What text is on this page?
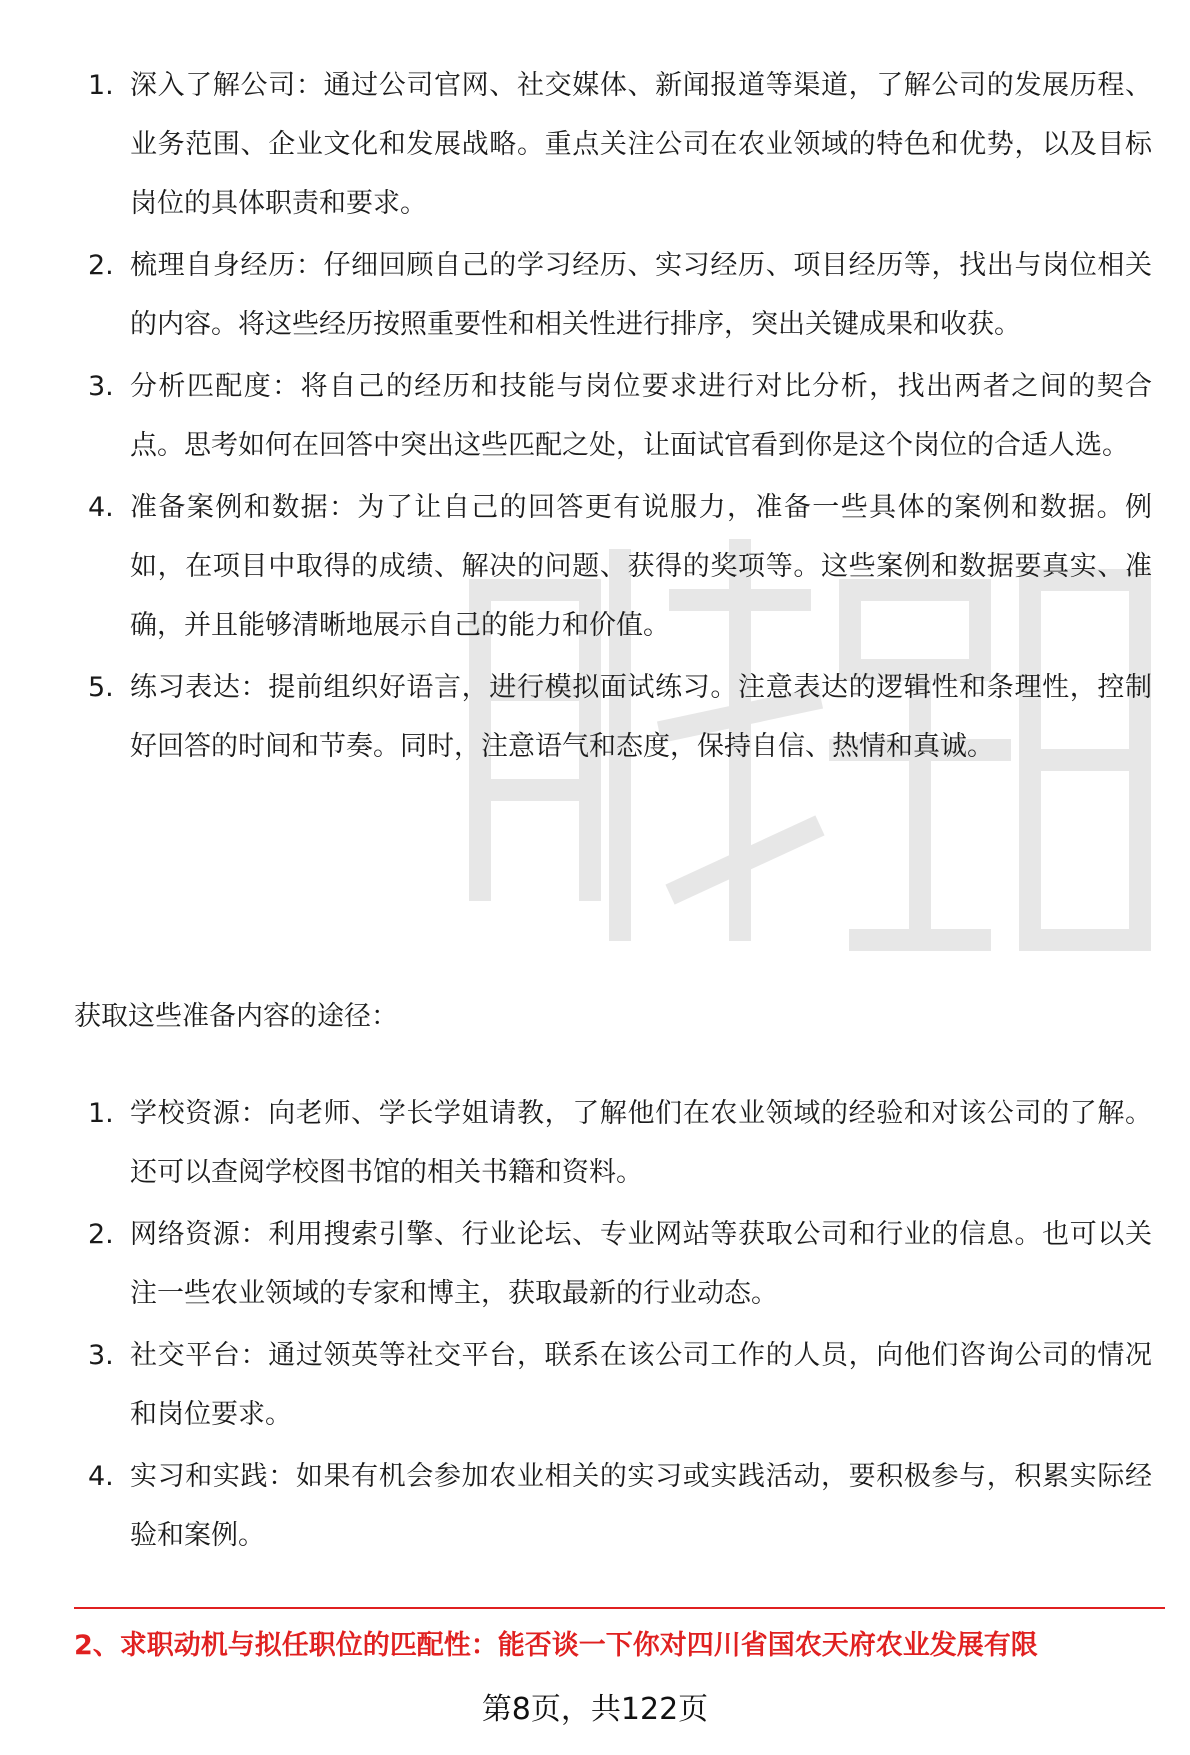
1. 深入了解公司：通过公司官网、社交媒体、新闻报道等渠道，了解公司的发展历程、业务范围、企业文化和发展战略。重点关注公司在农业领域的特色和优势，以及目标岗位的具体职责和要求。
2. 梳理自身经历：仔细回顾自己的学习经历、实习经历、项目经历等，找出与岗位相关的内容。将这些经历按照重要性和相关性进行排序，突出关键成果和收获。
3. 分析匹配度：将自己的经历和技能与岗位要求进行对比分析，找出两者之间的契合点。思考如何在回答中突出这些匹配之处，让面试官看到你是这个岗位的合适人选。
4. 准备案例和数据：为了让自己的回答更有说服力，准备一些具体的案例和数据。例如，在项目中取得的成绩、解决的问题、获得的奖项等。这些案例和数据要真实、准确，并且能够清晰地展示自己的能力和价值。
5. 练习表达：提前组织好语言，进行模拟面试练习。注意表达的逻辑性和条理性，控制好回答的时间和节奏。同时，注意语气和态度，保持自信、热情和真诚。
获取这些准备内容的途径：
1. 学校资源：向老师、学长学姐请教，了解他们在农业领域的经验和对该公司的了解。还可以查阅学校图书馆的相关书籍和资料。
2. 网络资源：利用搜索引擎、行业论坛、专业网站等获取公司和行业的信息。也可以关注一些农业领域的专家和博主，获取最新的行业动态。
3. 社交平台：通过领英等社交平台，联系在该公司工作的人员，向他们咨询公司的情况和岗位要求。
4. 实习和实践：如果有机会参加农业相关的实习或实践活动，要积极参与，积累实际经验和案例。
2、求职动机与拟任职位的匹配性：能否谈一下你对四川省国农天府农业发展有限
第8页，共122页
